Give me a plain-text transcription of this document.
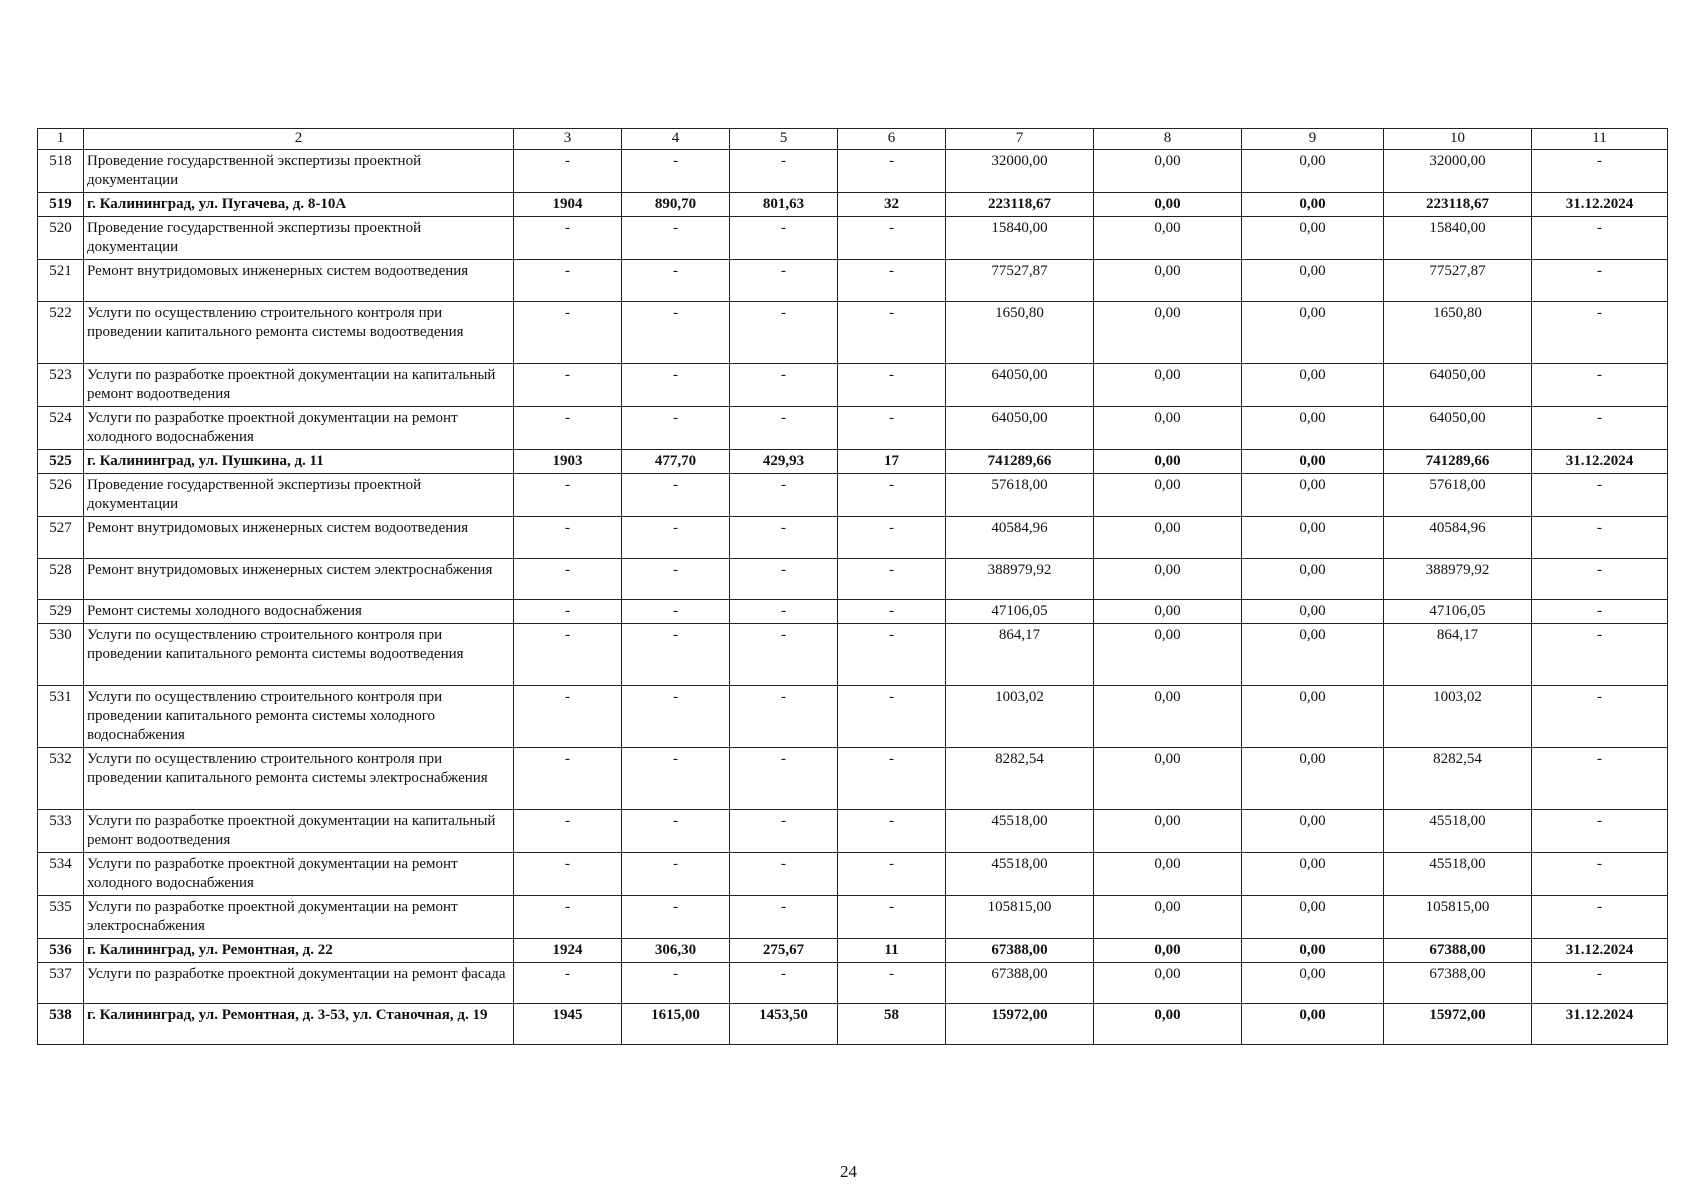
1	2	3	4	5	6	7	8	9	10	11
518	Проведение государственной экспертизы проектной документации	-	-	-	-	32000,00	0,00	0,00	32000,00	-
519	г. Калининград, ул. Пугачева, д. 8-10А	1904	890,70	801,63	32	223118,67	0,00	0,00	223118,67	31.12.2024
520	Проведение государственной экспертизы проектной документации	-	-	-	-	15840,00	0,00	0,00	15840,00	-
521	Ремонт внутридомовых инженерных систем водоотведения	-	-	-	-	77527,87	0,00	0,00	77527,87	-
522	Услуги по осуществлению строительного контроля при проведении капитального ремонта системы водоотведения	-	-	-	-	1650,80	0,00	0,00	1650,80	-
523	Услуги по разработке проектной документации на капитальный ремонт водоотведения	-	-	-	-	64050,00	0,00	0,00	64050,00	-
524	Услуги по разработке проектной документации на ремонт холодного водоснабжения	-	-	-	-	64050,00	0,00	0,00	64050,00	-
525	г. Калининград, ул. Пушкина, д. 11	1903	477,70	429,93	17	741289,66	0,00	0,00	741289,66	31.12.2024
526	Проведение государственной экспертизы проектной документации	-	-	-	-	57618,00	0,00	0,00	57618,00	-
527	Ремонт внутридомовых инженерных систем водоотведения	-	-	-	-	40584,96	0,00	0,00	40584,96	-
528	Ремонт внутридомовых инженерных систем электроснабжения	-	-	-	-	388979,92	0,00	0,00	388979,92	-
529	Ремонт системы холодного водоснабжения	-	-	-	-	47106,05	0,00	0,00	47106,05	-
530	Услуги по осуществлению строительного контроля при проведении капитального ремонта системы водоотведения	-	-	-	-	864,17	0,00	0,00	864,17	-
531	Услуги по осуществлению строительного контроля при проведении капитального ремонта системы холодного водоснабжения	-	-	-	-	1003,02	0,00	0,00	1003,02	-
532	Услуги по осуществлению строительного контроля при проведении капитального ремонта системы электроснабжения	-	-	-	-	8282,54	0,00	0,00	8282,54	-
533	Услуги по разработке проектной документации на капитальный ремонт водоотведения	-	-	-	-	45518,00	0,00	0,00	45518,00	-
534	Услуги по разработке проектной документации на ремонт холодного водоснабжения	-	-	-	-	45518,00	0,00	0,00	45518,00	-
535	Услуги по разработке проектной документации на ремонт электроснабжения	-	-	-	-	105815,00	0,00	0,00	105815,00	-
536	г. Калининград, ул. Ремонтная, д. 22	1924	306,30	275,67	11	67388,00	0,00	0,00	67388,00	31.12.2024
537	Услуги по разработке проектной документации на ремонт фасада	-	-	-	-	67388,00	0,00	0,00	67388,00	-
538	г. Калининград, ул. Ремонтная, д. 3-53, ул. Станочная, д. 19	1945	1615,00	1453,50	58	15972,00	0,00	0,00	15972,00	31.12.2024
24
